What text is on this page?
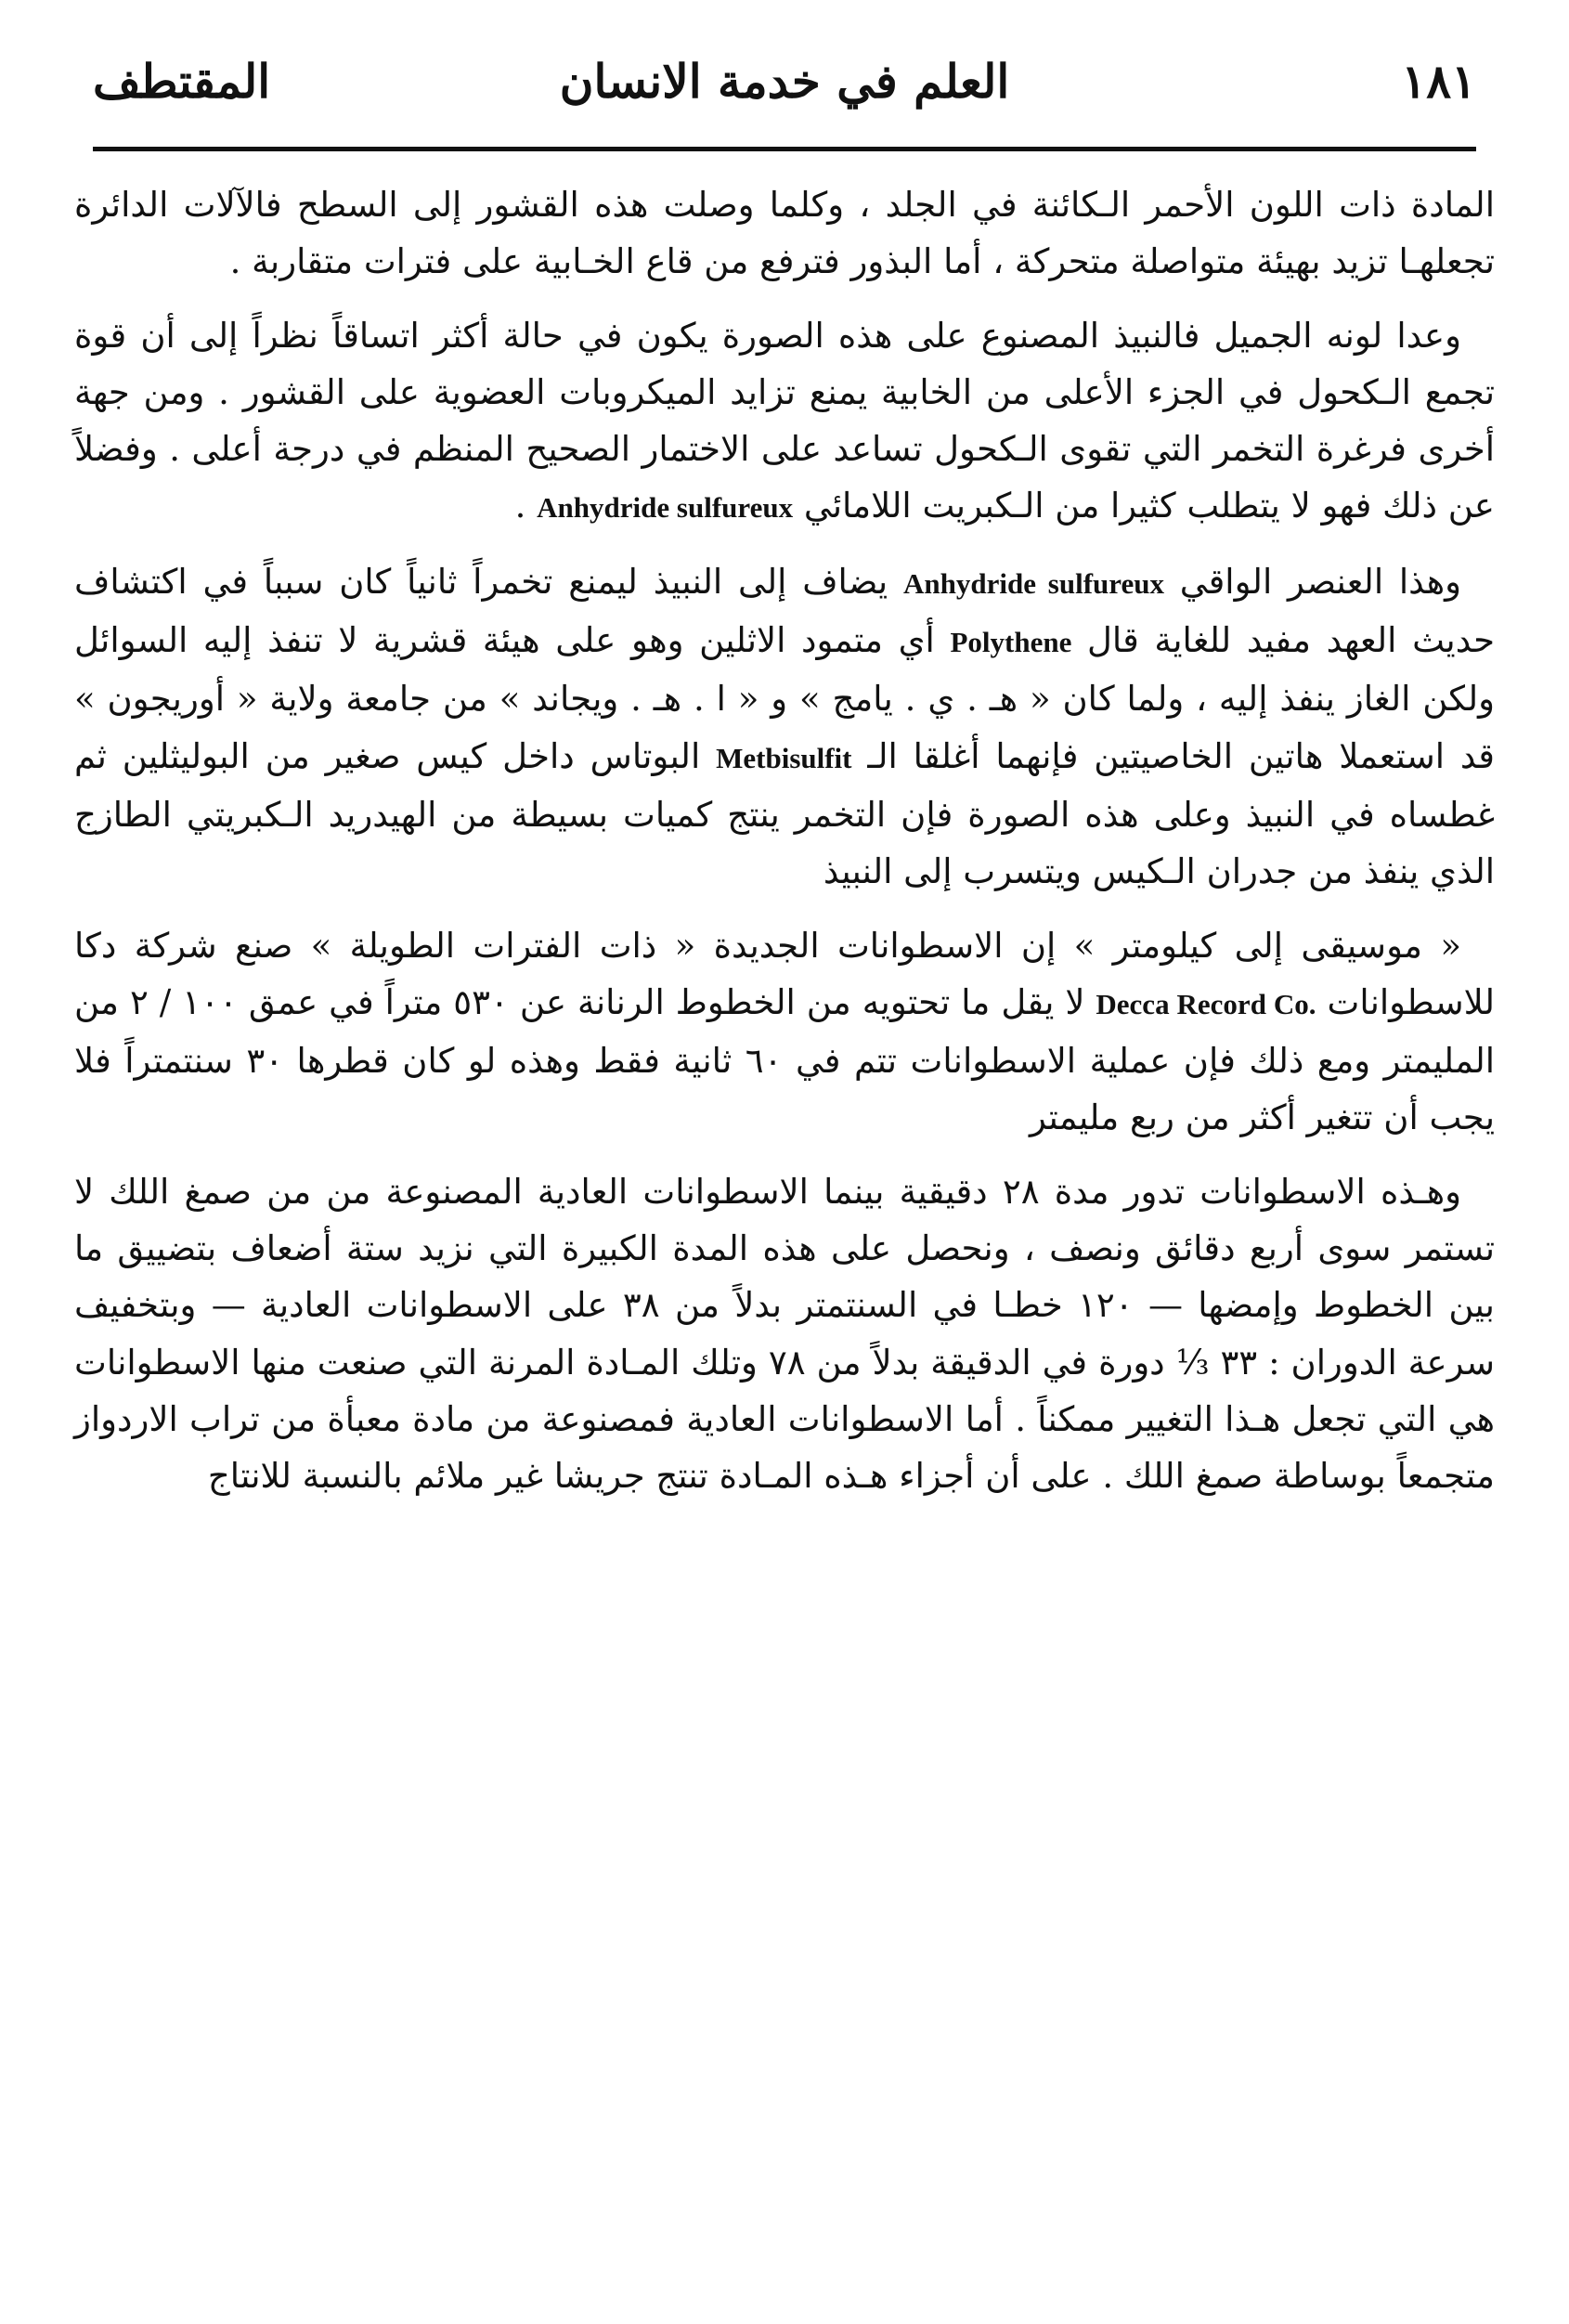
١٨١
العلم في خدمة الانسان
المقتطف

المادة ذات اللون الأحمر الـكائنة في الجلد ، وكلما وصلت هذه القشور إلى السطح فالآلات الدائرة تجعلهـا تزيد بهيئة متواصلة متحركة ، أما البذور فترفع من قاع الخـابية على فترات متقاربة .

وعدا لونه الجميل فالنبيذ المصنوع على هذه الصورة يكون في حالة أكثر اتساقاً نظراً إلى أن قوة تجمع الـكحول في الجزء الأعلى من الخابية يمنع تزايد الميكروبات العضوية على القشور . ومن جهة أخرى فرغرة التخمر التي تقوى الـكحول تساعد على الاختمار الصحيح المنظم في درجة أعلى . وفضلاً عن ذلك فهو لا يتطلب كثيرا من الـكبريت اللامائي Anhydride sulfureux .

وهذا العنصر الواقي Anhydride sulfureux يضاف إلى النبيذ ليمنع تخمراً ثانياً كان سبباً في اكتشاف حديث العهد مفيد للغاية قال Polythene أي متمود الاثلين وهو على هيئة قشرية لا تنفذ إليه السوائل ولكن الغاز ينفذ إليه ، ولما كان « هـ . ي . يامج » و « ا . هـ . ويجاند » من جامعة ولاية « أوريجون » قد استعملا هاتين الخاصيتين فإنهما أغلقا الـ Metbisulfit البوتاس داخل كيس صغير من البوليثلين ثم غطساه في النبيذ وعلى هذه الصورة فإن التخمر ينتج كميات بسيطة من الهيدريد الـكبريتي الطازج الذي ينفذ من جدران الـكيس ويتسرب إلى النبيذ

« موسيقى إلى كيلومتر » إن الاسطوانات الجديدة « ذات الفترات الطويلة » صنع شركة دكا للاسطوانات Decca Record Co. لا يقل ما تحتويه من الخطوط الرنانة عن ٥٣٠ متراً في عمق ١٠٠ / ٢ من المليمتر ومع ذلك فإن عملية الاسطوانات تتم في ٦٠ ثانية فقط وهذه لو كان قطرها ٣٠ سنتمتراً فلا يجب أن تتغير أكثر من ربع مليمتر

وهـذه الاسطوانات تدور مدة ٢٨ دقيقية بينما الاسطوانات العادية المصنوعة من من صمغ اللك لا تستمر سوى أربع دقائق ونصف ، ونحصل على هذه المدة الكبيرة التي نزيد ستة أضعاف بتضييق ما بين الخطوط وإمضها — ١٢٠ خطـا في السنتمتر بدلاً من ٣٨ على الاسطوانات العادية — وبتخفيف سرعة الدوران : ٣٣ ⅓ دورة في الدقيقة بدلاً من ٧٨ وتلك المـادة المرنة التي صنعت منها الاسطوانات هي التي تجعل هـذا التغيير ممكناً . أما الاسطوانات العادية فمصنوعة من مادة معبأة من تراب الاردواز متجمعاً بوساطة صمغ اللك . على أن أجزاء هـذه المـادة تنتج جريشا غير ملائم بالنسبة للانتاج
